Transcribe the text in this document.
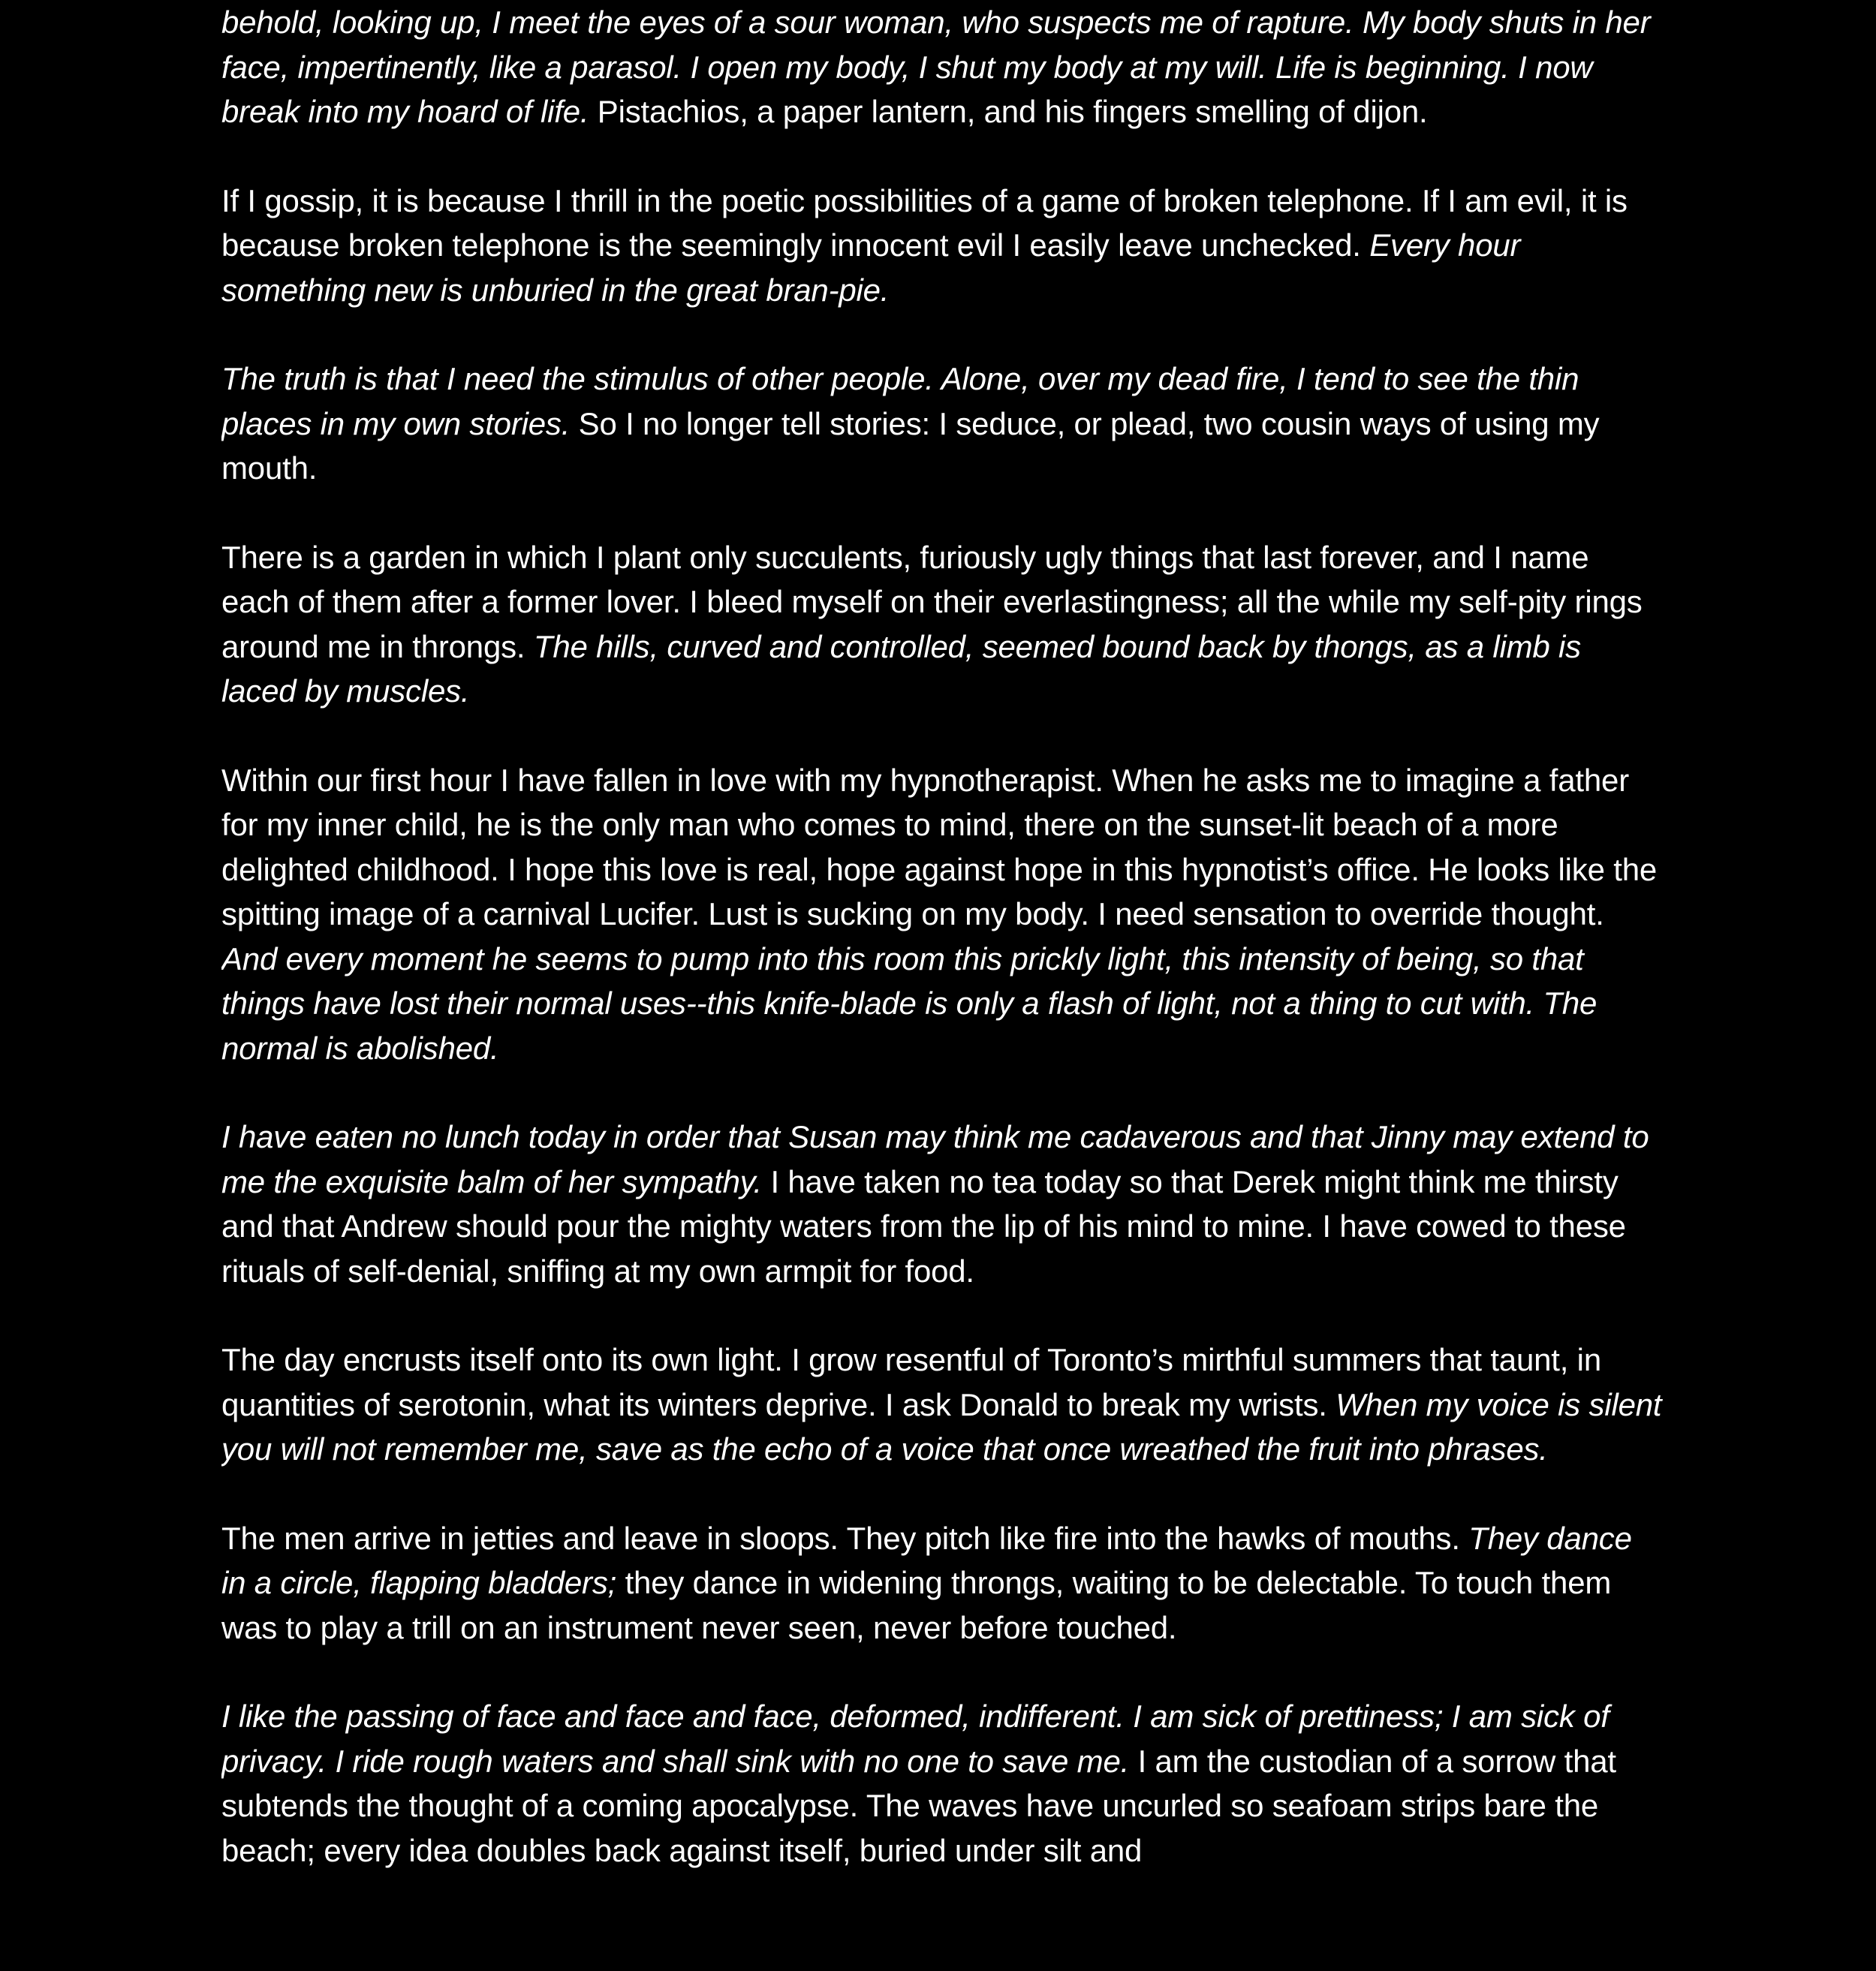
behold, looking up, I meet the eyes of a sour woman, who suspects me of rapture. My body shuts in her face, impertinently, like a parasol. I open my body, I shut my body at my will. Life is beginning. I now break into my hoard of life. Pistachios, a paper lantern, and his fingers smelling of dijon.

If I gossip, it is because I thrill in the poetic possibilities of a game of broken telephone. If I am evil, it is because broken telephone is the seemingly innocent evil I easily leave unchecked. Every hour something new is unburied in the great bran-pie.

The truth is that I need the stimulus of other people. Alone, over my dead fire, I tend to see the thin places in my own stories. So I no longer tell stories: I seduce, or plead, two cousin ways of using my mouth.

There is a garden in which I plant only succulents, furiously ugly things that last forever, and I name each of them after a former lover. I bleed myself on their everlastingness; all the while my self-pity rings around me in throngs. The hills, curved and controlled, seemed bound back by thongs, as a limb is laced by muscles.

Within our first hour I have fallen in love with my hypnotherapist. When he asks me to imagine a father for my inner child, he is the only man who comes to mind, there on the sunset-lit beach of a more delighted childhood. I hope this love is real, hope against hope in this hypnotist’s office. He looks like the spitting image of a carnival Lucifer. Lust is sucking on my body. I need sensation to override thought. And every moment he seems to pump into this room this prickly light, this intensity of being, so that things have lost their normal uses--this knife-blade is only a flash of light, not a thing to cut with. The normal is abolished.

I have eaten no lunch today in order that Susan may think me cadaverous and that Jinny may extend to me the exquisite balm of her sympathy. I have taken no tea today so that Derek might think me thirsty and that Andrew should pour the mighty waters from the lip of his mind to mine. I have cowed to these rituals of self-denial, sniffing at my own armpit for food.

The day encrusts itself onto its own light. I grow resentful of Toronto’s mirthful summers that taunt, in quantities of serotonin, what its winters deprive. I ask Donald to break my wrists. When my voice is silent you will not remember me, save as the echo of a voice that once wreathed the fruit into phrases.

The men arrive in jetties and leave in sloops. They pitch like fire into the hawks of mouths. They dance in a circle, flapping bladders; they dance in widening throngs, waiting to be delectable. To touch them was to play a trill on an instrument never seen, never before touched.

I like the passing of face and face and face, deformed, indifferent. I am sick of prettiness; I am sick of privacy. I ride rough waters and shall sink with no one to save me. I am the custodian of a sorrow that subtends the thought of a coming apocalypse. The waves have uncurled so seafoam strips bare the beach; every idea doubles back against itself, buried under silt and
